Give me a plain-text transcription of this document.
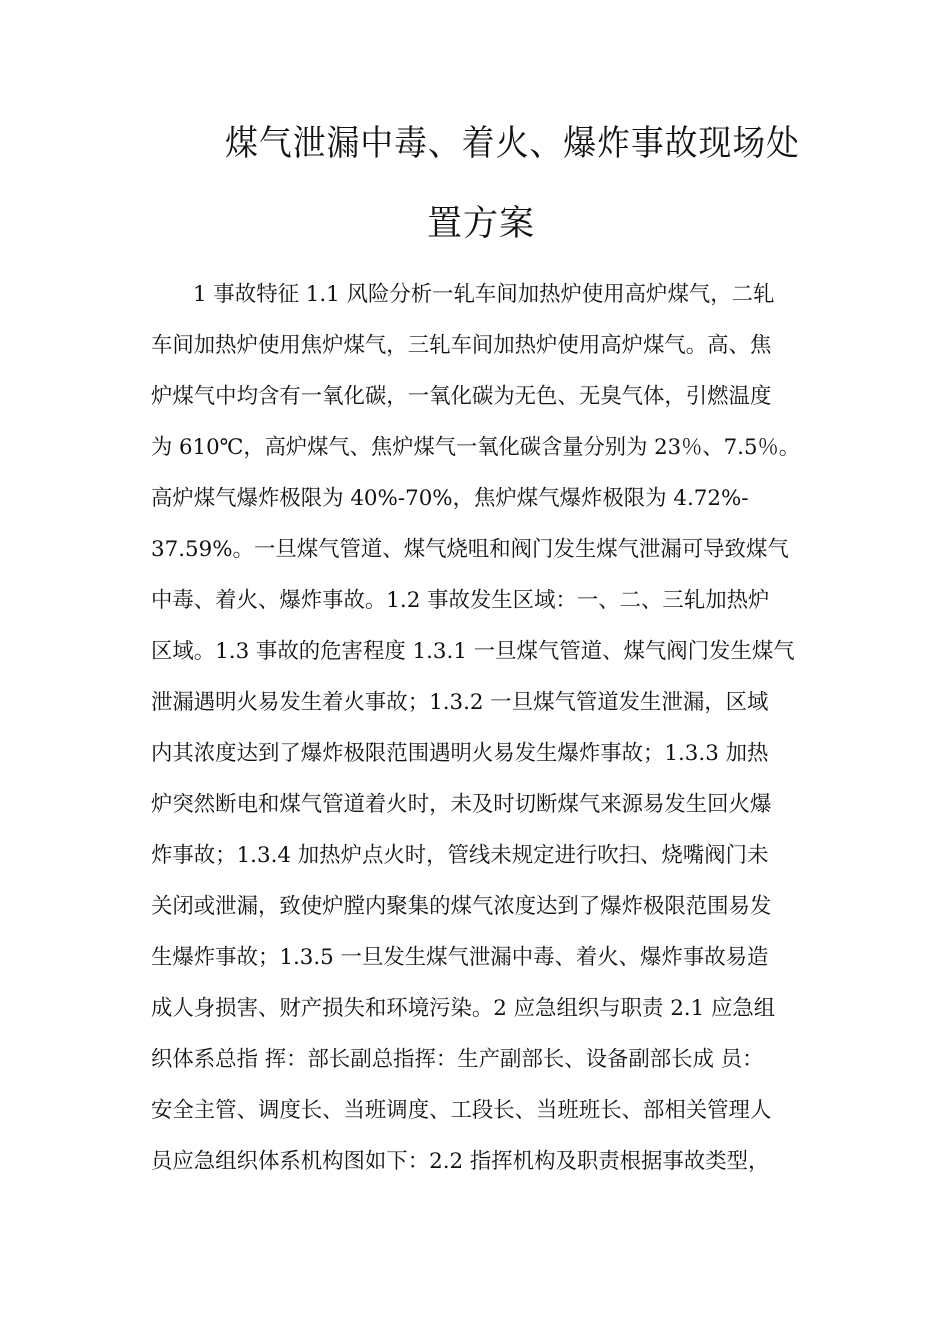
煤气泄漏中毒、着火、爆炸事故现场处
置方案
1 事故特征 1.1 风险分析一轧车间加热炉使用高炉煤气，二轧
车间加热炉使用焦炉煤气，三轧车间加热炉使用高炉煤气。高、焦
炉煤气中均含有一氧化碳，一氧化碳为无色、无臭气体，引燃温度
为 610℃，高炉煤气、焦炉煤气一氧化碳含量分别为 23％、7.5％。
高炉煤气爆炸极限为 40%-70%，焦炉煤气爆炸极限为 4.72%-
37.59%。一旦煤气管道、煤气烧咀和阀门发生煤气泄漏可导致煤气
中毒、着火、爆炸事故。1.2 事故发生区域：一、二、三轧加热炉
区域。1.3 事故的危害程度 1.3.1 一旦煤气管道、煤气阀门发生煤气
泄漏遇明火易发生着火事故；1.3.2 一旦煤气管道发生泄漏，区域
内其浓度达到了爆炸极限范围遇明火易发生爆炸事故；1.3.3 加热
炉突然断电和煤气管道着火时，未及时切断煤气来源易发生回火爆
炸事故；1.3.4 加热炉点火时，管线未规定进行吹扫、烧嘴阀门未
关闭或泄漏，致使炉膛内聚集的煤气浓度达到了爆炸极限范围易发
生爆炸事故；1.3.5 一旦发生煤气泄漏中毒、着火、爆炸事故易造
成人身损害、财产损失和环境污染。2 应急组织与职责 2.1 应急组
织体系总指 挥：部长副总指挥：生产副部长、设备副部长成 员：
安全主管、调度长、当班调度、工段长、当班班长、部相关管理人
员应急组织体系机构图如下：2.2 指挥机构及职责根据事故类型，
